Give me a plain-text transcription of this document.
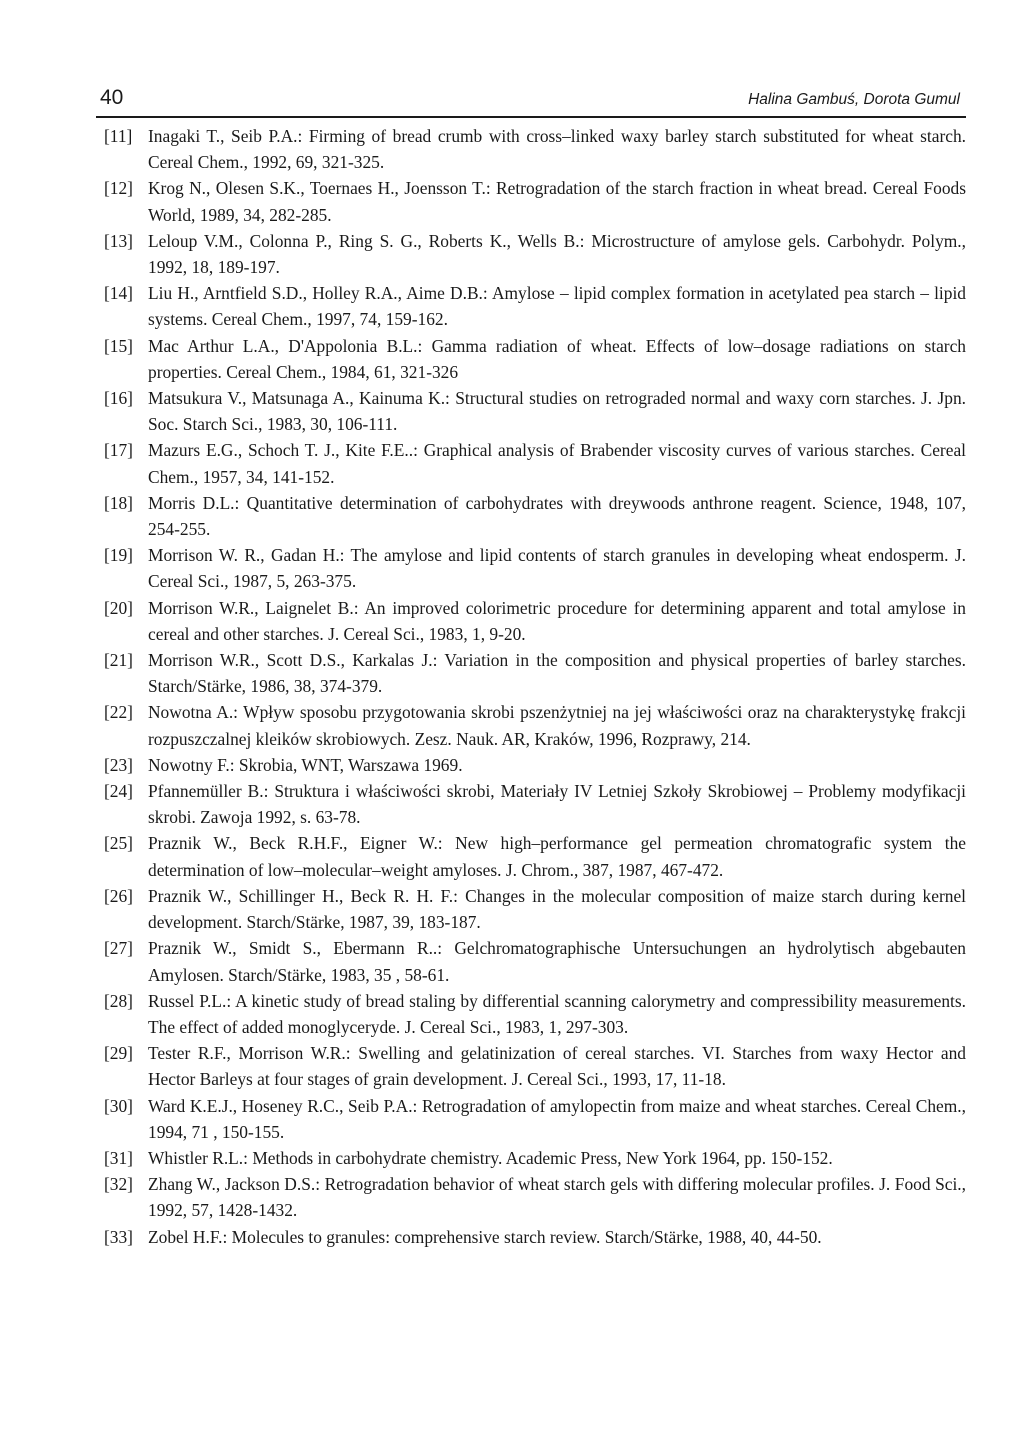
40	Halina Gambuś, Dorota Gumul
[11] Inagaki T., Seib P.A.: Firming of bread crumb with cross–linked waxy barley starch substituted for wheat starch. Cereal Chem., 1992, 69, 321-325.
[12] Krog N., Olesen S.K., Toernaes H., Joensson T.: Retrogradation of the starch fraction in wheat bread. Cereal Foods World, 1989, 34, 282-285.
[13] Leloup V.M., Colonna P., Ring S. G., Roberts K., Wells B.: Microstructure of amylose gels. Carbohydr. Polym., 1992, 18, 189-197.
[14] Liu H., Arntfield S.D., Holley R.A., Aime D.B.: Amylose – lipid complex formation in acetylated pea starch – lipid systems. Cereal Chem., 1997, 74, 159-162.
[15] Mac Arthur L.A., D'Appolonia B.L.: Gamma radiation of wheat. Effects of low–dosage radiations on starch properties. Cereal Chem., 1984, 61, 321-326
[16] Matsukura V., Matsunaga A., Kainuma K.: Structural studies on retrograded normal and waxy corn starches. J. Jpn. Soc. Starch Sci., 1983, 30, 106-111.
[17] Mazurs E.G., Schoch T. J., Kite F.E..: Graphical analysis of Brabender viscosity curves of various starches. Cereal Chem., 1957, 34, 141-152.
[18] Morris D.L.: Quantitative determination of carbohydrates with dreywoods anthrone reagent. Science, 1948, 107, 254-255.
[19] Morrison W. R., Gadan H.: The amylose and lipid contents of starch granules in developing wheat endosperm. J. Cereal Sci., 1987, 5, 263-375.
[20] Morrison W.R., Laignelet B.: An improved colorimetric procedure for determining apparent and total amylose in cereal and other starches. J. Cereal Sci., 1983, 1, 9-20.
[21] Morrison W.R., Scott D.S., Karkalas J.: Variation in the composition and physical properties of barley starches. Starch/Stärke, 1986, 38, 374-379.
[22] Nowotna A.: Wpływ sposobu przygotowania skrobi pszenżytniej na jej właściwości oraz na charakterystykę frakcji rozpuszczalnej kleików skrobiowych. Zesz. Nauk. AR, Kraków, 1996, Rozprawy, 214.
[23] Nowotny F.: Skrobia, WNT, Warszawa 1969.
[24] Pfannemüller B.: Struktura i właściwości skrobi, Materiały IV Letniej Szkoły Skrobiowej – Problemy modyfikacji skrobi. Zawoja 1992, s. 63-78.
[25] Praznik W., Beck R.H.F., Eigner W.: New high–performance gel permeation chromatografic system the determination of low–molecular–weight amyloses. J. Chrom., 387, 1987, 467-472.
[26] Praznik W., Schillinger H., Beck R. H. F.: Changes in the molecular composition of maize starch during kernel development. Starch/Stärke, 1987, 39, 183-187.
[27] Praznik W., Smidt S., Ebermann R..: Gelchromatographische Untersuchungen an hydrolytisch abgebauten Amylosen. Starch/Stärke, 1983, 35 , 58-61.
[28] Russel P.L.: A kinetic study of bread staling by differential scanning calorymetry and compressibility measurements. The effect of added monoglyceryde. J. Cereal Sci., 1983, 1, 297-303.
[29] Tester R.F., Morrison W.R.: Swelling and gelatinization of cereal starches. VI. Starches from waxy Hector and Hector Barleys at four stages of grain development. J. Cereal Sci., 1993, 17, 11-18.
[30] Ward K.E.J., Hoseney R.C., Seib P.A.: Retrogradation of amylopectin from maize and wheat starches. Cereal Chem., 1994, 71 , 150-155.
[31] Whistler R.L.: Methods in carbohydrate chemistry. Academic Press, New York 1964, pp. 150-152.
[32] Zhang W., Jackson D.S.: Retrogradation behavior of wheat starch gels with differing molecular profiles. J. Food Sci., 1992, 57, 1428-1432.
[33] Zobel H.F.: Molecules to granules: comprehensive starch review. Starch/Stärke, 1988, 40, 44-50.
